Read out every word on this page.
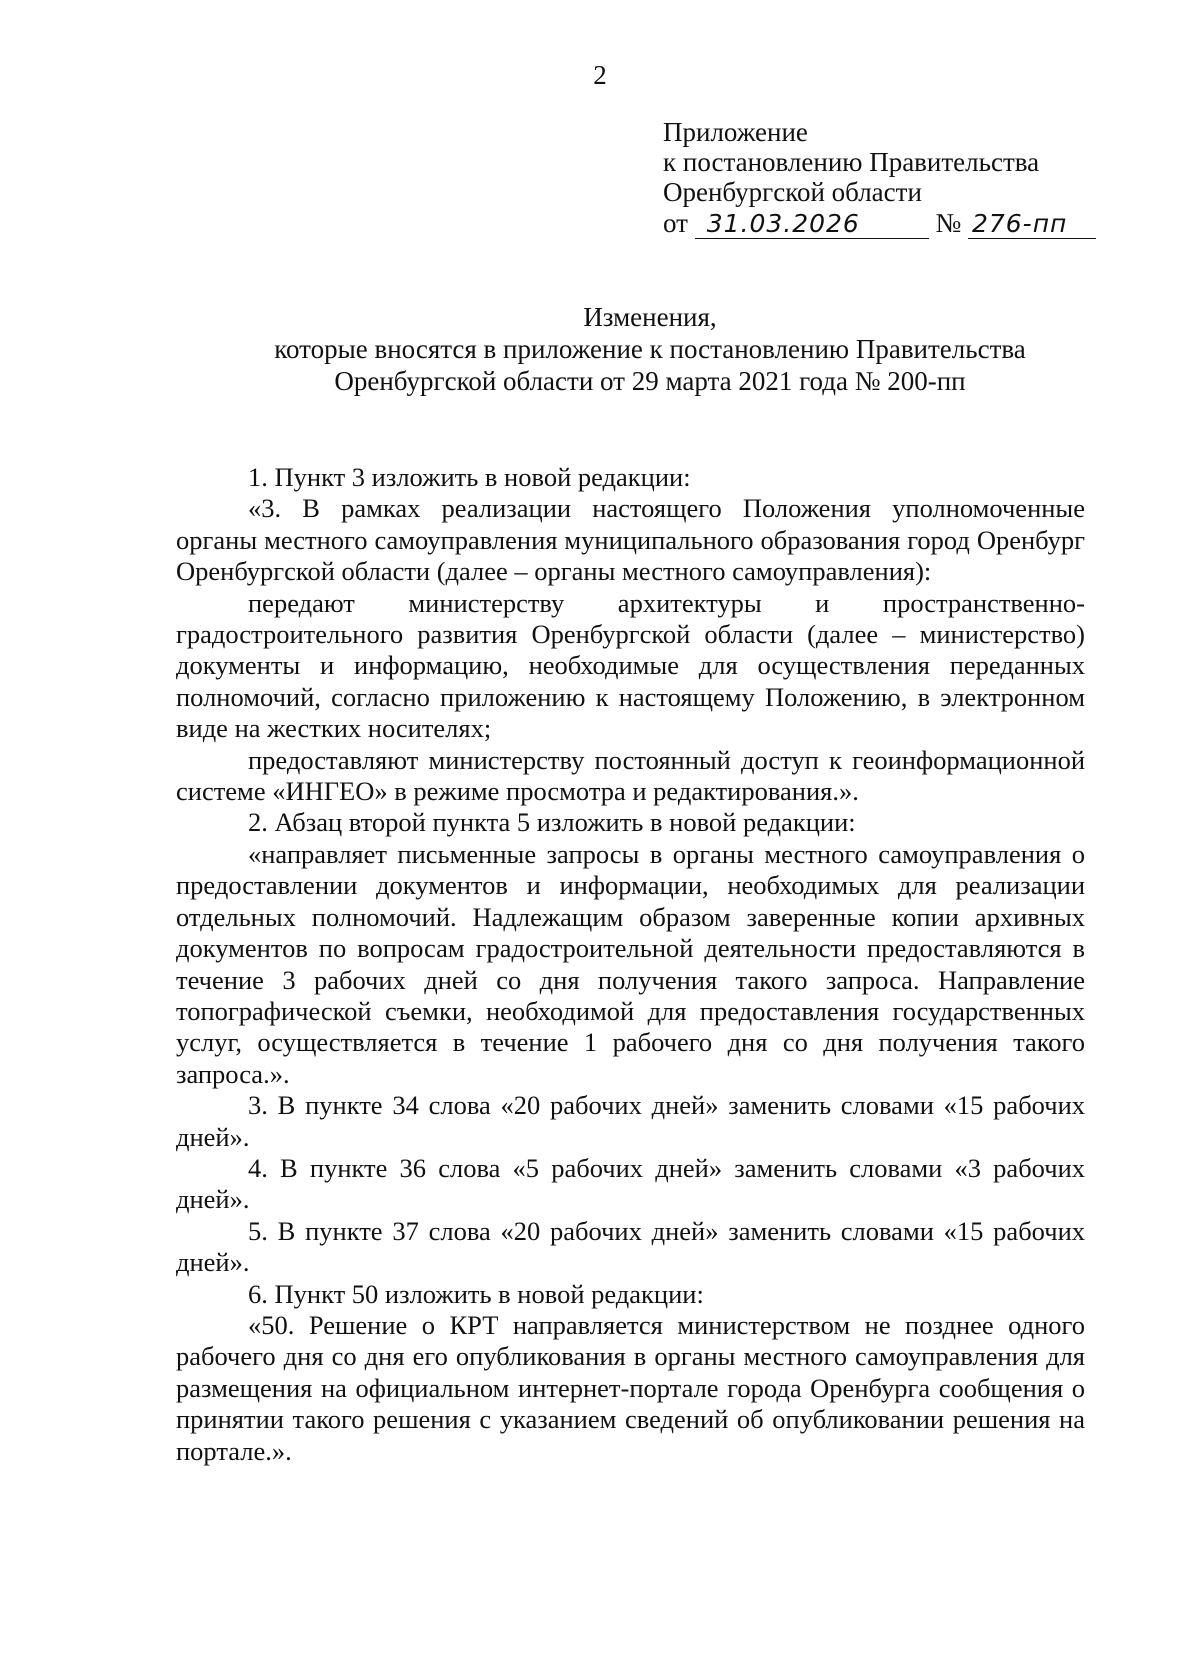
2
Приложение
к постановлению Правительства
Оренбургской области
от 31.03.2026	№ 276-пп
Изменения,
которые вносятся в приложение к постановлению Правительства
Оренбургской области от 29 марта 2021 года № 200-пп

1. Пункт 3 изложить в новой редакции:

«3. В рамках реализации настоящего Положения уполномоченные органы местного самоуправления муниципального образования город Оренбург Оренбургской области (далее – органы местного самоуправления):

передают министерству архитектуры и пространственно-градостроительного развития Оренбургской области (далее – министерство) документы и информацию, необходимые для осуществления переданных полномочий, согласно приложению к настоящему Положению, в электронном виде на жестких носителях;

предоставляют министерству постоянный доступ к геоинформационной системе «ИНГЕО» в режиме просмотра и редактирования.».

2. Абзац второй пункта 5 изложить в новой редакции:

«направляет письменные запросы в органы местного самоуправления о предоставлении документов и информации, необходимых для реализации отдельных полномочий. Надлежащим образом заверенные копии архивных документов по вопросам градостроительной деятельности предоставляются в течение 3 рабочих дней со дня получения такого запроса. Направление топографической съемки, необходимой для предоставления государственных услуг, осуществляется в течение 1 рабочего дня со дня получения такого запроса.».

3. В пункте 34 слова «20 рабочих дней» заменить словами «15 рабочих дней».

4. В пункте 36 слова «5 рабочих дней» заменить словами «3 рабочих дней».

5. В пункте 37 слова «20 рабочих дней» заменить словами «15 рабочих дней».

6. Пункт 50 изложить в новой редакции:

«50. Решение о КРТ направляется министерством не позднее одного рабочего дня со дня его опубликования в органы местного самоуправления для размещения на официальном интернет-портале города Оренбурга сообщения о принятии такого решения с указанием сведений об опубликовании решения на портале.».
